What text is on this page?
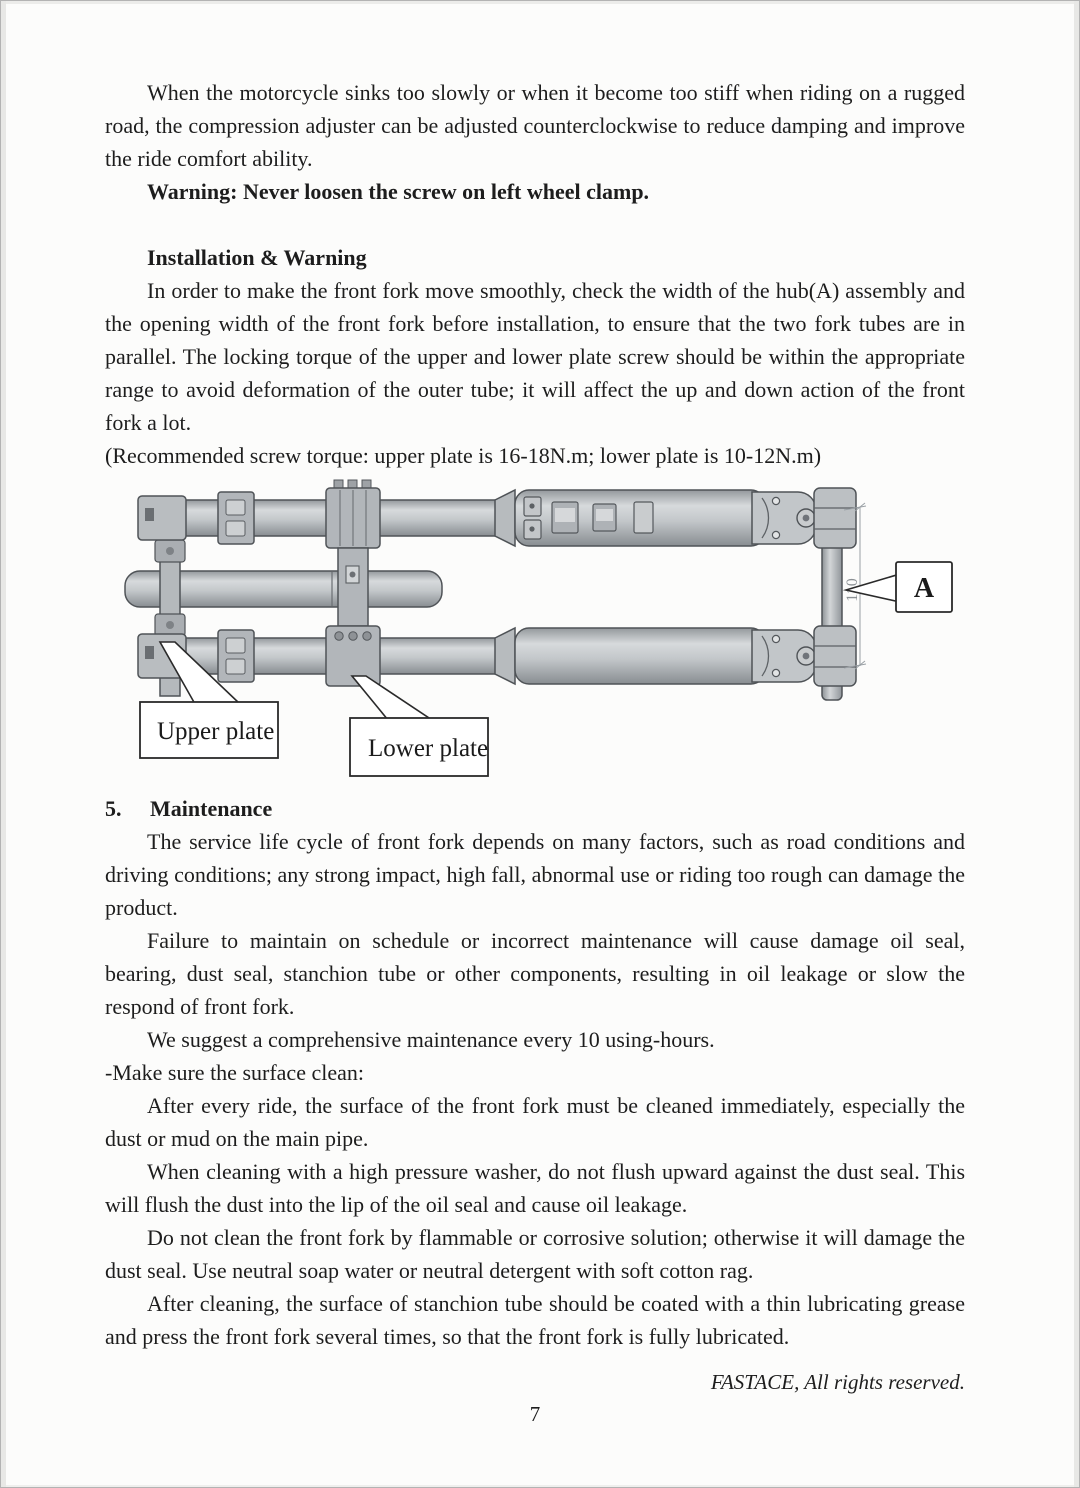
When the motorcycle sinks too slowly or when it become too stiff when riding on a rugged road, the compression adjuster can be adjusted counterclockwise to reduce damping and improve the ride comfort ability.

Warning: Never loosen the screw on left wheel clamp.

Installation & Warning

In order to make the front fork move smoothly, check the width of the hub(A) assembly and the opening width of the front fork before installation, to ensure that the two fork tubes are in parallel. The locking torque of the upper and lower plate screw should be within the appropriate range to avoid deformation of the outer tube; it will affect the up and down action of the front fork a lot.

(Recommended screw torque: upper plate is 16-18N.m; lower plate is 10-12N.m)

A
Upper plate
Lower plate
5.	Maintenance

The service life cycle of front fork depends on many factors, such as road conditions and driving conditions; any strong impact, high fall, abnormal use or riding too rough can damage the product.

Failure to maintain on schedule or incorrect maintenance will cause damage oil seal, bearing, dust seal, stanchion tube or other components, resulting in oil leakage or slow the respond of front fork.

We suggest a comprehensive maintenance every 10 using-hours.

-Make sure the surface clean:

After every ride, the surface of the front fork must be cleaned immediately, especially the dust or mud on the main pipe.

When cleaning with a high pressure washer, do not flush upward against the dust seal. This will flush the dust into the lip of the oil seal and cause oil leakage.

Do not clean the front fork by flammable or corrosive solution; otherwise it will damage the dust seal. Use neutral soap water or neutral detergent with soft cotton rag.

After cleaning, the surface of stanchion tube should be coated with a thin lubricating grease and press the front fork several times, so that the front fork is fully lubricated.

FASTACE, All rights reserved.
7
